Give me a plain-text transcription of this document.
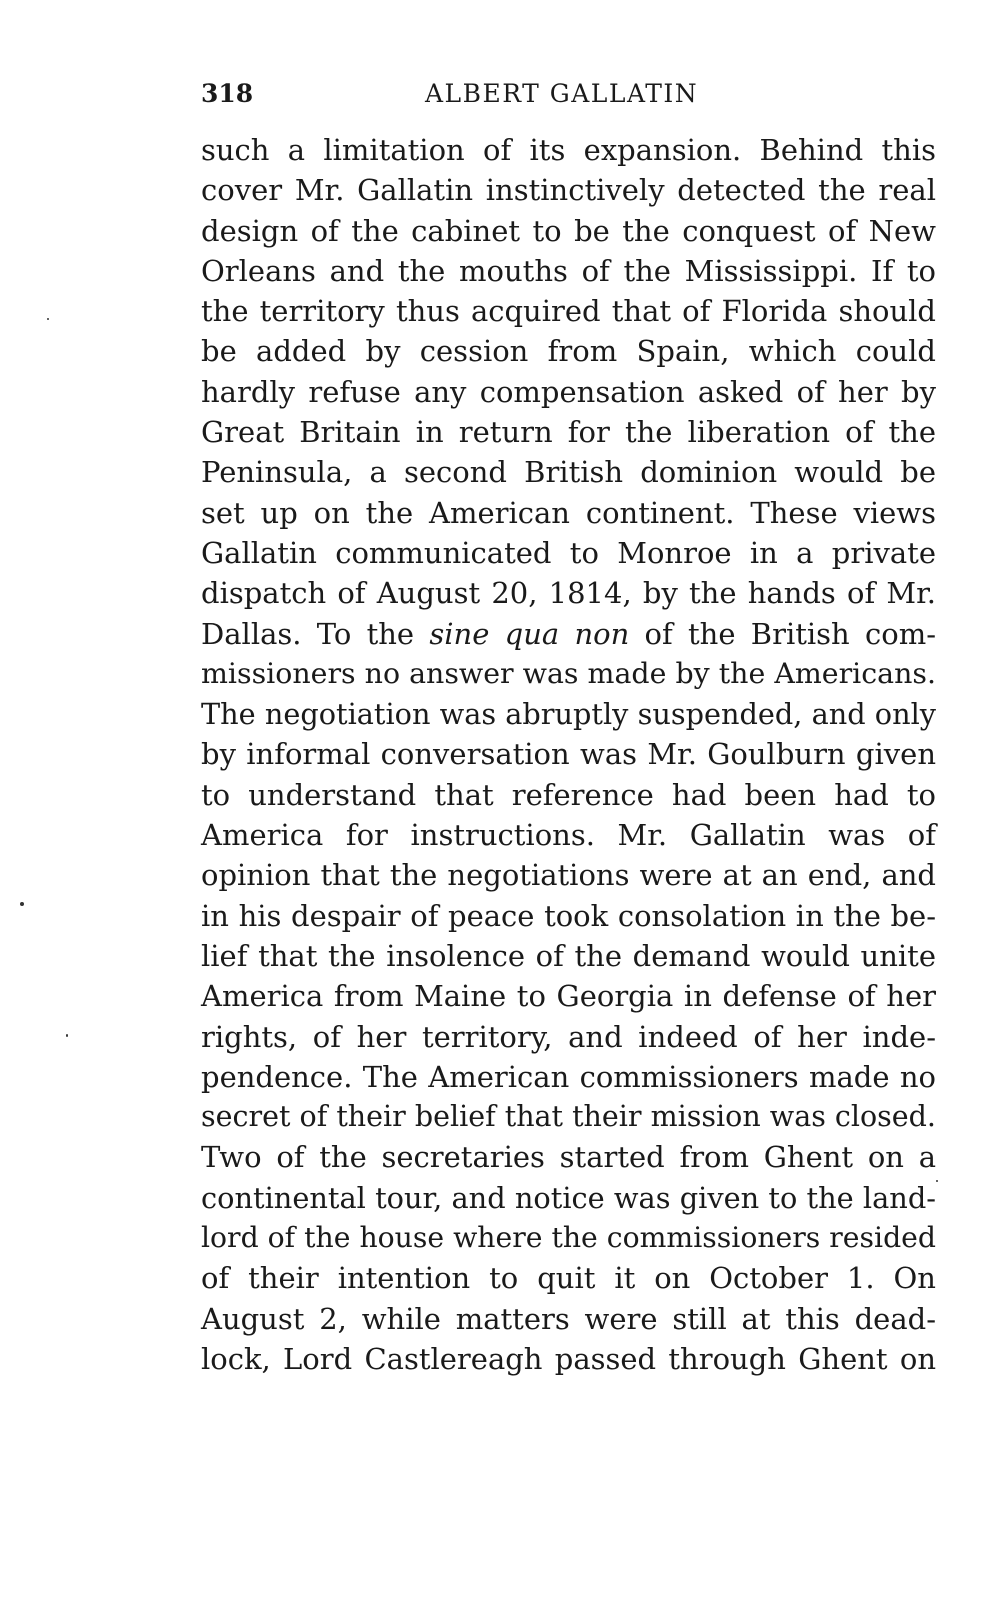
318	ALBERT GALLATIN
such a limitation of its expansion. Behind this
cover Mr. Gallatin instinctively detected the real
design of the cabinet to be the conquest of New
Orleans and the mouths of the Mississippi. If to
the territory thus acquired that of Florida should
be added by cession from Spain, which could
hardly refuse any compensation asked of her by
Great Britain in return for the liberation of the
Peninsula, a second British dominion would be
set up on the American continent. These views
Gallatin communicated to Monroe in a private
dispatch of August 20, 1814, by the hands of Mr.
Dallas. To the sine qua non of the British com-
missioners no answer was made by the Americans.
The negotiation was abruptly suspended, and only
by informal conversation was Mr. Goulburn given
to understand that reference had been had to
America for instructions. Mr. Gallatin was of
opinion that the negotiations were at an end, and
in his despair of peace took consolation in the be-
lief that the insolence of the demand would unite
America from Maine to Georgia in defense of her
rights, of her territory, and indeed of her inde-
pendence. The American commissioners made no
secret of their belief that their mission was closed.
Two of the secretaries started from Ghent on a
continental tour, and notice was given to the land-
lord of the house where the commissioners resided
of their intention to quit it on October 1. On
August 2, while matters were still at this dead-
lock, Lord Castlereagh passed through Ghent on
